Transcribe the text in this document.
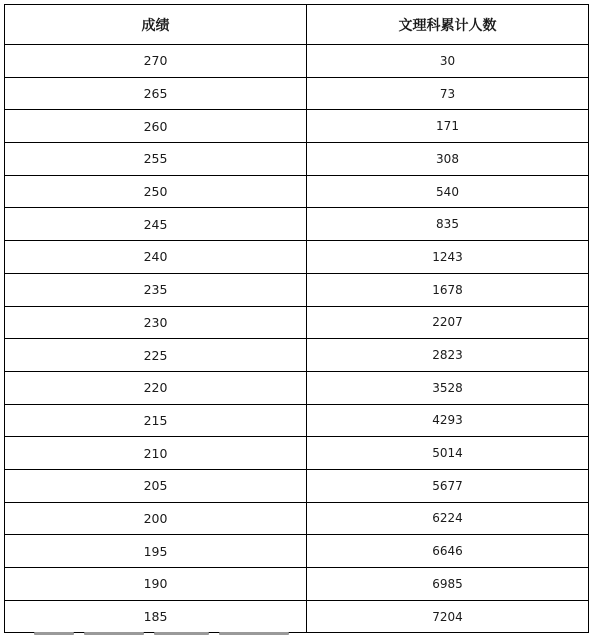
成绩	文理科累计人数
270	30
265	73
260	171
255	308
250	540
245	835
240	1243
235	1678
230	2207
225	2823
220	3528
215	4293
210	5014
205	5677
200	6224
195	6646
190	6985
185	7204
